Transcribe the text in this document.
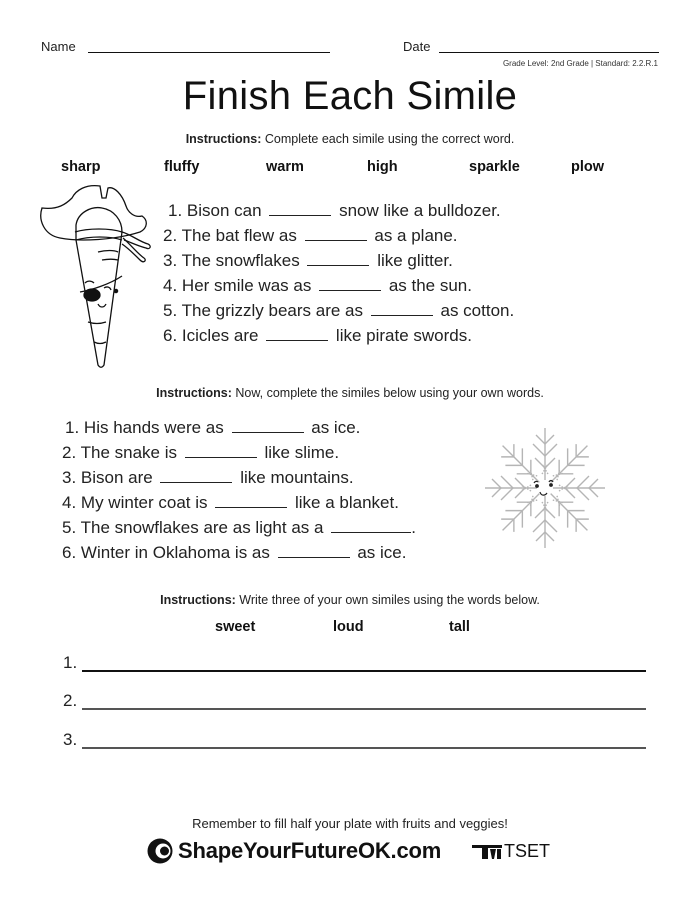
Name	Date
Grade Level: 2nd Grade | Standard: 2.2.R.1
Finish Each Simile
Instructions: Complete each simile using the correct word.
sharp	fluffy	warm	high	sparkle	plow
1. Bison can	snow like a bulldozer.
2. The bat flew as	as a plane.
3. The snowflakes	like glitter.
4. Her smile was as	as the sun.
5. The grizzly bears are as	as cotton.
6. Icicles are	like pirate swords.
Instructions: Now, complete the similes below using your own words.
1. His hands were as	as ice.
2. The snake is	like slime.
3. Bison are	like mountains.
4. My winter coat is	like a blanket.
5. The snowflakes are as light as a	.
6. Winter in Oklahoma is as	as ice.
Instructions: Write three of your own similes using the words below.
sweet	loud	tall
1.
2.
3.
Remember to fill half your plate with fruits and veggies!
ShapeYourFutureOK.com	TSET
